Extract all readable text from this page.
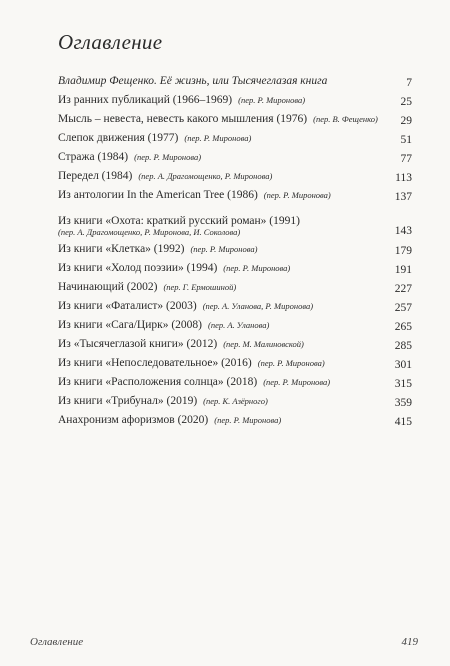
Оглавление
Владимир Фещенко. Её жизнь, или Тысячеглазая книга	7
Из ранних публикаций (1966–1969) (пер. Р. Миронова)	25
Мысль – невеста, невесть какого мышления (1976) (пер. В. Фещенко)	29
Слепок движения (1977) (пер. Р. Миронова)	51
Стража (1984) (пер. Р. Миронова)	77
Передел (1984) (пер. А. Драгомощенко, Р. Миронова)	113
Из антологии In the American Tree (1986) (пер. Р. Миронова)	137
Из книги «Охота: краткий русский роман» (1991)
(пер. А. Драгомощенко, Р. Миронова, И. Соколова)	143
Из книги «Клетка» (1992) (пер. Р. Миронова)	179
Из книги «Холод поэзии» (1994) (пер. Р. Миронова)	191
Начинающий (2002) (пер. Г. Ермошиной)	227
Из книги «Фаталист» (2003) (пер. А. Уланова, Р. Миронова)	257
Из книги «Сага/Цирк» (2008) (пер. А. Уланова)	265
Из «Тысячеглазой книги» (2012) (пер. М. Малиновской)	285
Из книги «Непоследовательное» (2016) (пер. Р. Миронова)	301
Из книги «Расположения солнца» (2018) (пер. Р. Миронова)	315
Из книги «Трибунал» (2019) (пер. К. Азёрного)	359
Анахронизм афоризмов (2020) (пер. Р. Миронова)	415
Оглавление	419
